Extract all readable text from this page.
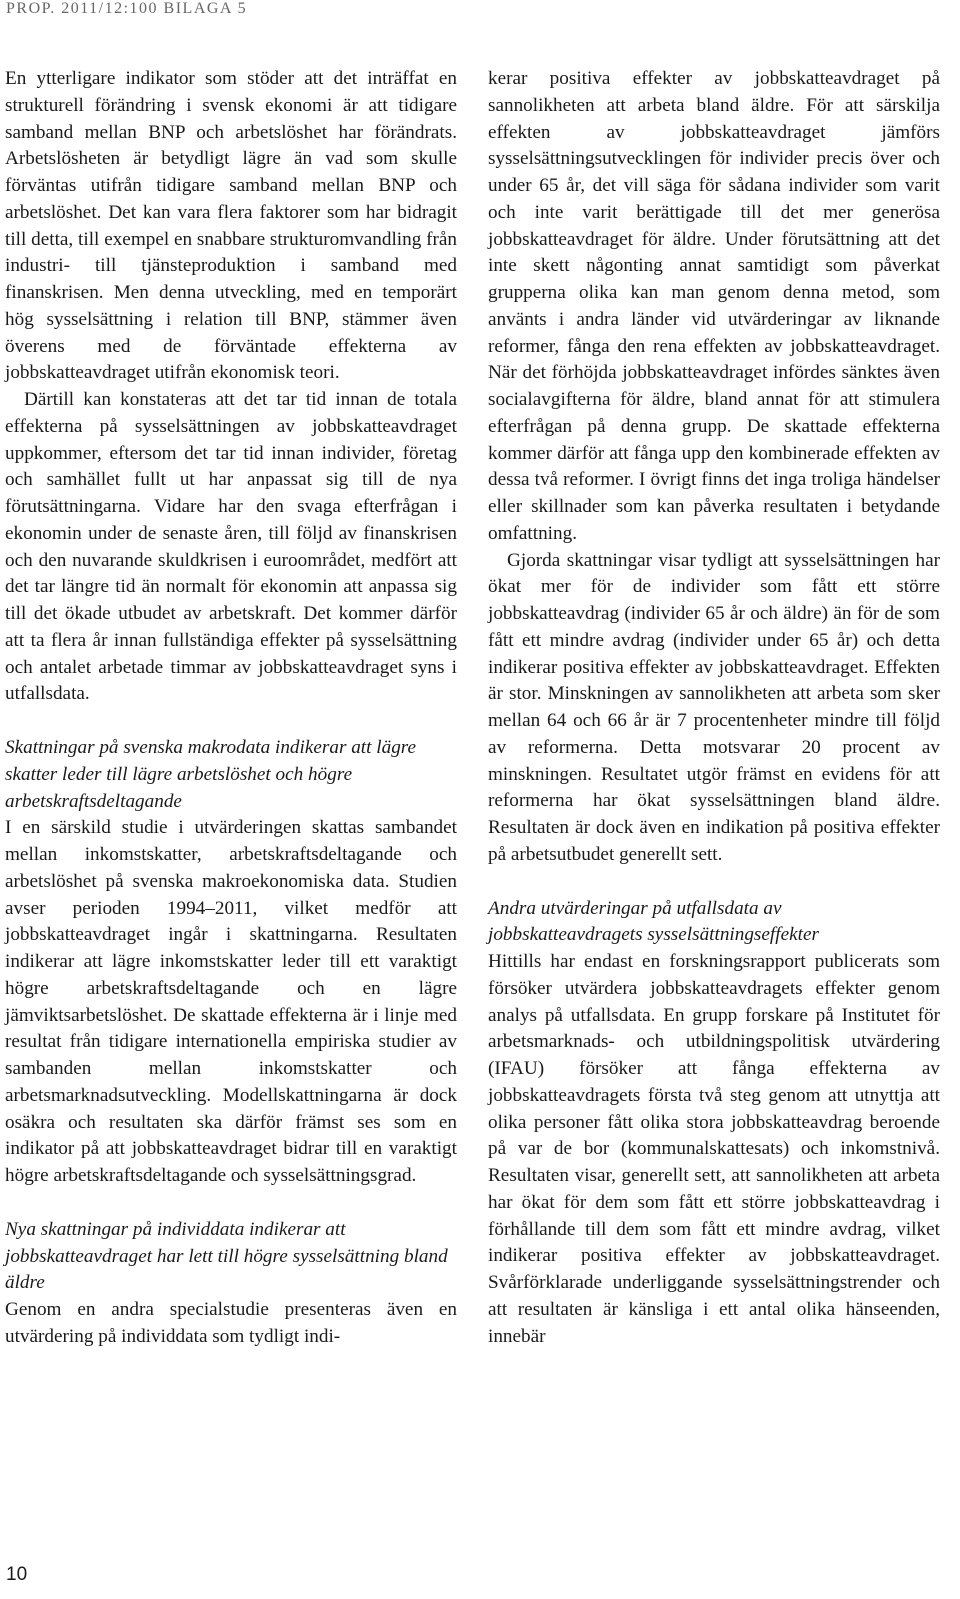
PROP. 2011/12:100 BILAGA 5

En ytterligare indikator som stöder att det inträffat en strukturell förändring i svensk ekonomi är att tidigare samband mellan BNP och arbetslöshet har förändrats. Arbetslösheten är betydligt lägre än vad som skulle förväntas utifrån tidigare samband mellan BNP och arbetslöshet. Det kan vara flera faktorer som har bidragit till detta, till exempel en snabbare strukturomvandling från industri- till tjänsteproduktion i samband med finanskrisen. Men denna utveckling, med en temporärt hög sysselsättning i relation till BNP, stämmer även överens med de förväntade effekterna av jobbskatteavdraget utifrån ekonomisk teori.

Därtill kan konstateras att det tar tid innan de totala effekterna på sysselsättningen av jobbskatteavdraget uppkommer, eftersom det tar tid innan individer, företag och samhället fullt ut har anpassat sig till de nya förutsättningarna. Vidare har den svaga efterfrågan i ekonomin under de senaste åren, till följd av finanskrisen och den nuvarande skuldkrisen i euroområdet, medfört att det tar längre tid än normalt för ekonomin att anpassa sig till det ökade utbudet av arbetskraft. Det kommer därför att ta flera år innan fullständiga effekter på sysselsättning och antalet arbetade timmar av jobbskatteavdraget syns i utfallsdata.

Skattningar på svenska makrodata indikerar att lägre skatter leder till lägre arbetslöshet och högre arbetskraftsdeltagande

I en särskild studie i utvärderingen skattas sambandet mellan inkomstskatter, arbetskraftsdeltagande och arbetslöshet på svenska makroekonomiska data. Studien avser perioden 1994–2011, vilket medför att jobbskatteavdraget ingår i skattningarna. Resultaten indikerar att lägre inkomstskatter leder till ett varaktigt högre arbetskraftsdeltagande och en lägre jämviktsarbetslöshet. De skattade effekterna är i linje med resultat från tidigare internationella empiriska studier av sambanden mellan inkomstskatter och arbetsmarknadsutveckling. Modellskattningarna är dock osäkra och resultaten ska därför främst ses som en indikator på att jobbskatteavdraget bidrar till en varaktigt högre arbetskraftsdeltagande och sysselsättningsgrad.

Nya skattningar på individdata indikerar att jobbskatteavdraget har lett till högre sysselsättning bland äldre

Genom en andra specialstudie presenteras även en utvärdering på individdata som tydligt indi-

kerar positiva effekter av jobbskatteavdraget på sannolikheten att arbeta bland äldre. För att särskilja effekten av jobbskatteavdraget jämförs sysselsättningsutvecklingen för individer precis över och under 65 år, det vill säga för sådana individer som varit och inte varit berättigade till det mer generösa jobbskatteavdraget för äldre. Under förutsättning att det inte skett någonting annat samtidigt som påverkat grupperna olika kan man genom denna metod, som använts i andra länder vid utvärderingar av liknande reformer, fånga den rena effekten av jobbskatteavdraget. När det förhöjda jobbskatteavdraget infördes sänktes även socialavgifterna för äldre, bland annat för att stimulera efterfrågan på denna grupp. De skattade effekterna kommer därför att fånga upp den kombinerade effekten av dessa två reformer. I övrigt finns det inga troliga händelser eller skillnader som kan påverka resultaten i betydande omfattning.

Gjorda skattningar visar tydligt att sysselsättningen har ökat mer för de individer som fått ett större jobbskatteavdrag (individer 65 år och äldre) än för de som fått ett mindre avdrag (individer under 65 år) och detta indikerar positiva effekter av jobbskatteavdraget. Effekten är stor. Minskningen av sannolikheten att arbeta som sker mellan 64 och 66 år är 7 procentenheter mindre till följd av reformerna. Detta motsvarar 20 procent av minskningen. Resultatet utgör främst en evidens för att reformerna har ökat sysselsättningen bland äldre. Resultaten är dock även en indikation på positiva effekter på arbetsutbudet generellt sett.

Andra utvärderingar på utfallsdata av jobbskatteavdragets sysselsättningseffekter

Hittills har endast en forskningsrapport publicerats som försöker utvärdera jobbskatteavdragets effekter genom analys på utfallsdata. En grupp forskare på Institutet för arbetsmarknads- och utbildningspolitisk utvärdering (IFAU) försöker att fånga effekterna av jobbskatteavdragets första två steg genom att utnyttja att olika personer fått olika stora jobbskatteavdrag beroende på var de bor (kommunalskattesats) och inkomstnivå. Resultaten visar, generellt sett, att sannolikheten att arbeta har ökat för dem som fått ett större jobbskatteavdrag i förhållande till dem som fått ett mindre avdrag, vilket indikerar positiva effekter av jobbskatteavdraget. Svårförklarade underliggande sysselsättningstrender och att resultaten är känsliga i ett antal olika hänseenden, innebär

10
